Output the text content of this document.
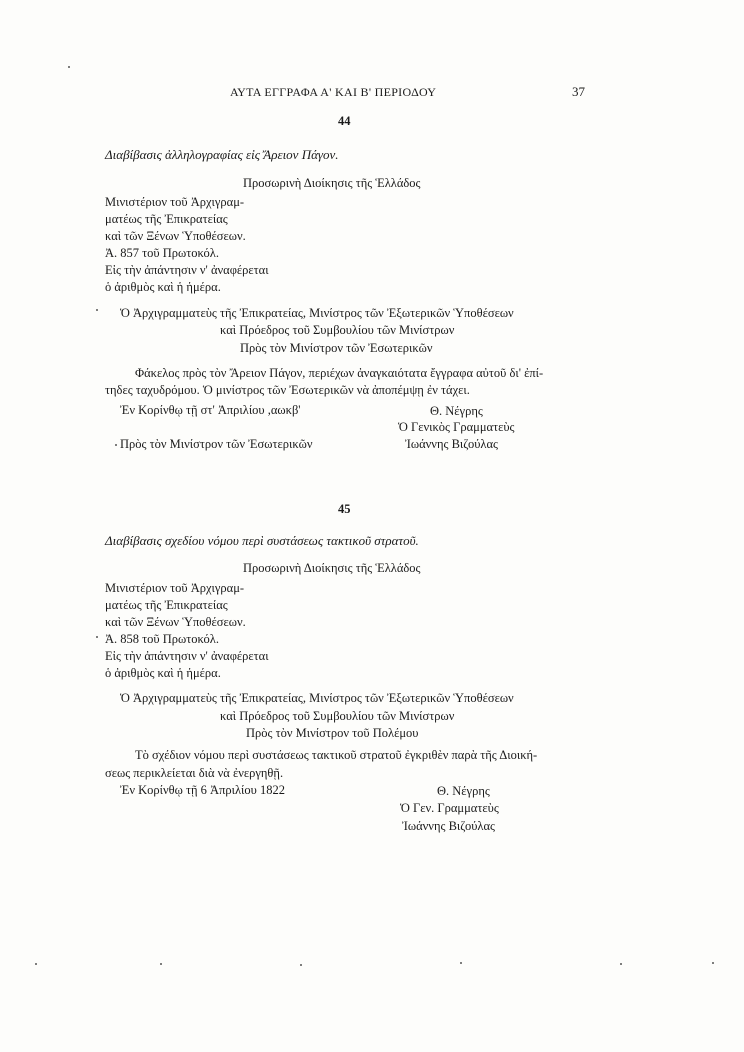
ΑΥΤΑ ΕΓΓΡΑΦΑ Α' ΚΑΙ Β' ΠΕΡΙΟΔΟΥ	37
44
Διαβίβασις ἀλληλογραφίας εἰς Ἄρειον Πάγον.
Προσωρινὴ Διοίκησις τῆς Ἑλλάδος
Μινιστέριον τοῦ Ἀρχιγραμ-
ματέως τῆς Ἐπικρατείας
καὶ τῶν Ξένων Ὑποθέσεων.
Ἀ. 857 τοῦ Πρωτοκόλ.
Εἰς τὴν ἀπάντησιν ν' ἀναφέρεται
ὁ ἀριθμὸς καὶ ἡ ἡμέρα.
Ὁ Ἀρχιγραμματεὺς τῆς Ἐπικρατείας, Μινίστρος τῶν Ἐξωτερικῶν Ὑποθέσεων
καὶ Πρόεδρος τοῦ Συμβουλίου τῶν Μινίστρων
Πρὸς τὸν Μινίστρον τῶν Ἐσωτερικῶν
Φάκελος πρὸς τὸν Ἄρειον Πάγον, περιέχων ἀναγκαιότατα ἔγγραφα αὐτοῦ δι' ἐπί-
τηδες ταχυδρόμου. Ὁ μινίστρος τῶν Ἐσωτερικῶν νὰ ἀποπέμψῃ ἐν τάχει.
Ἐν Κορίνθῳ τῇ στ' Ἀπριλίου ,αωκβ'
Πρὸς τὸν Μινίστρον τῶν Ἐσωτερικῶν
Θ. Νέγρης
Ὁ Γενικὸς Γραμματεὺς
Ἰωάννης Βιζούλας
45
Διαβίβασις σχεδίου νόμου περὶ συστάσεως τακτικοῦ στρατοῦ.
Προσωρινὴ Διοίκησις τῆς Ἑλλάδος
Μινιστέριον τοῦ Ἀρχιγραμ-
ματέως τῆς Ἐπικρατείας
καὶ τῶν Ξένων Ὑποθέσεων.
Ἀ. 858 τοῦ Πρωτοκόλ.
Εἰς τὴν ἀπάντησιν ν' ἀναφέρεται
ὁ ἀριθμὸς καὶ ἡ ἡμέρα.
Ὁ Ἀρχιγραμματεὺς τῆς Ἐπικρατείας, Μινίστρος τῶν Ἐξωτερικῶν Ὑποθέσεων
καὶ Πρόεδρος τοῦ Συμβουλίου τῶν Μινίστρων
Πρὸς τὸν Μινίστρον τοῦ Πολέμου
Τὸ σχέδιον νόμου περὶ συστάσεως τακτικοῦ στρατοῦ ἐγκριθὲν παρὰ τῆς Διοική-
σεως περικλείεται διὰ νὰ ἐνεργηθῇ.
Ἐν Κορίνθῳ τῇ 6 Ἀπριλίου 1822	Θ. Νέγρης
Ὁ Γεν. Γραμματεὺς
Ἰωάννης Βιζούλας
